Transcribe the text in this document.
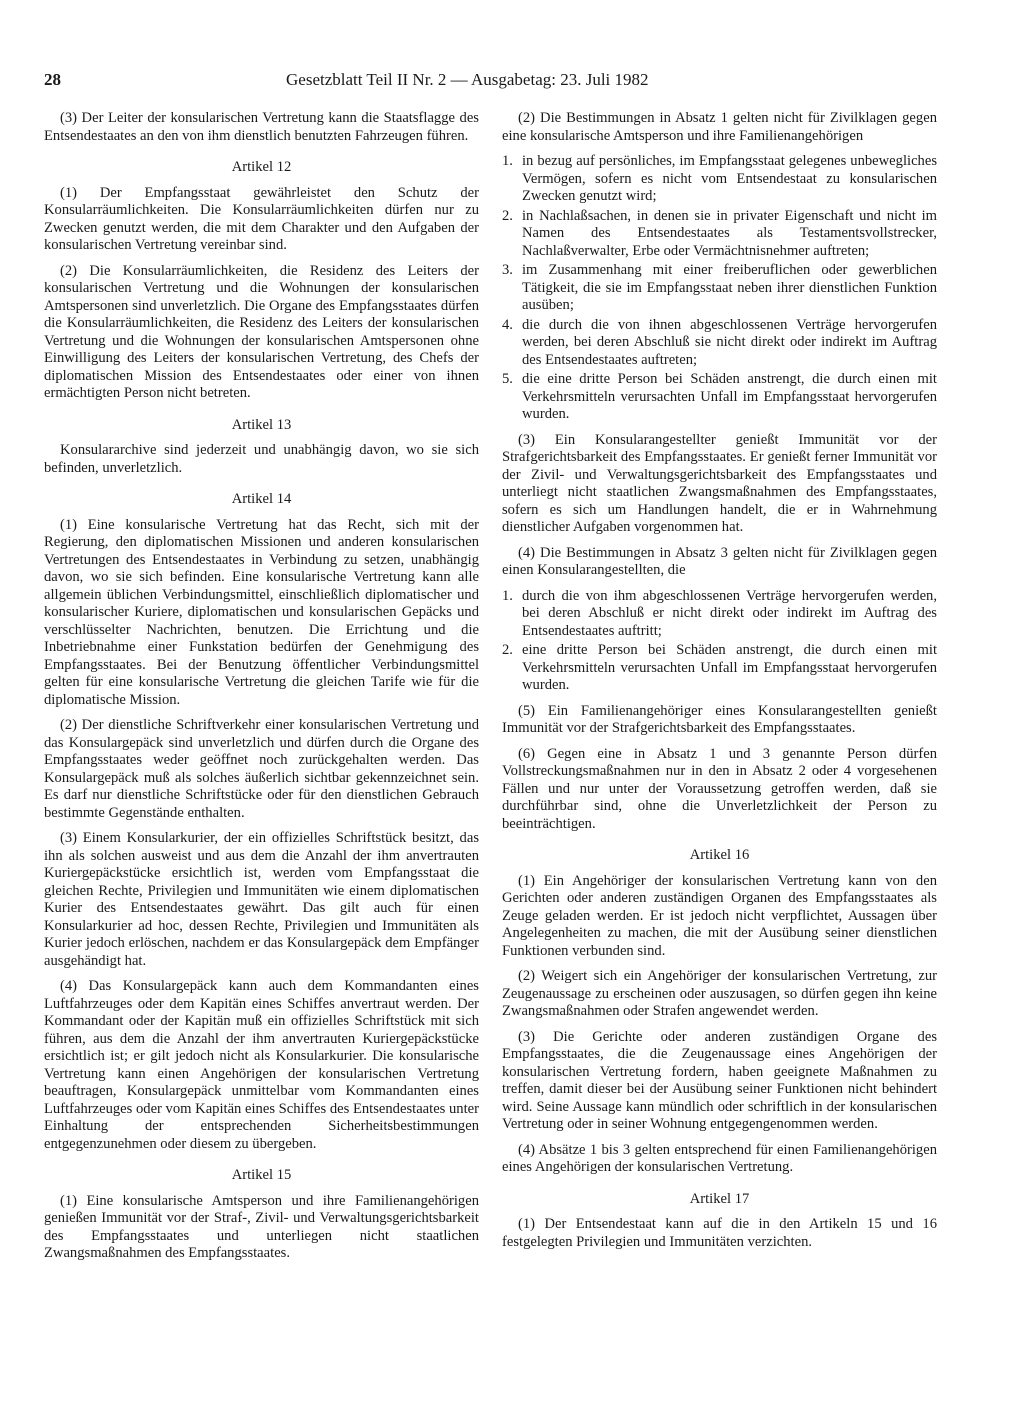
28	Gesetzblatt Teil II Nr. 2 — Ausgabetag: 23. Juli 1982

(3) Der Leiter der konsularischen Vertretung kann die Staatsflagge des Entsendestaates an den von ihm dienstlich benutzten Fahrzeugen führen.

Artikel 12

(1) Der Empfangsstaat gewährleistet den Schutz der Konsularräumlichkeiten. Die Konsularräumlichkeiten dürfen nur zu Zwecken genutzt werden, die mit dem Charakter und den Aufgaben der konsularischen Vertretung vereinbar sind.

(2) Die Konsularräumlichkeiten, die Residenz des Leiters der konsularischen Vertretung und die Wohnungen der konsularischen Amtspersonen sind unverletzlich. Die Organe des Empfangsstaates dürfen die Konsularräumlichkeiten, die Residenz des Leiters der konsularischen Vertretung und die Wohnungen der konsularischen Amtspersonen ohne Einwilligung des Leiters der konsularischen Vertretung, des Chefs der diplomatischen Mission des Entsendestaates oder einer von ihnen ermächtigten Person nicht betreten.

Artikel 13

Konsulararchive sind jederzeit und unabhängig davon, wo sie sich befinden, unverletzlich.

Artikel 14

(1) Eine konsularische Vertretung hat das Recht, sich mit der Regierung, den diplomatischen Missionen und anderen konsularischen Vertretungen des Entsendestaates in Verbindung zu setzen, unabhängig davon, wo sie sich befinden. Eine konsularische Vertretung kann alle allgemein üblichen Verbindungsmittel, einschließlich diplomatischer und konsularischer Kuriere, diplomatischen und konsularischen Gepäcks und verschlüsselter Nachrichten, benutzen. Die Errichtung und die Inbetriebnahme einer Funkstation bedürfen der Genehmigung des Empfangsstaates. Bei der Benutzung öffentlicher Verbindungsmittel gelten für eine konsularische Vertretung die gleichen Tarife wie für die diplomatische Mission.

(2) Der dienstliche Schriftverkehr einer konsularischen Vertretung und das Konsulargepäck sind unverletzlich und dürfen durch die Organe des Empfangsstaates weder geöffnet noch zurückgehalten werden. Das Konsulargepäck muß als solches äußerlich sichtbar gekennzeichnet sein. Es darf nur dienstliche Schriftstücke oder für den dienstlichen Gebrauch bestimmte Gegenstände enthalten.

(3) Einem Konsularkurier, der ein offizielles Schriftstück besitzt, das ihn als solchen ausweist und aus dem die Anzahl der ihm anvertrauten Kuriergepäckstücke ersichtlich ist, werden vom Empfangsstaat die gleichen Rechte, Privilegien und Immunitäten wie einem diplomatischen Kurier des Entsendestaates gewährt. Das gilt auch für einen Konsularkurier ad hoc, dessen Rechte, Privilegien und Immunitäten als Kurier jedoch erlöschen, nachdem er das Konsulargepäck dem Empfänger ausgehändigt hat.

(4) Das Konsulargepäck kann auch dem Kommandanten eines Luftfahrzeuges oder dem Kapitän eines Schiffes anvertraut werden. Der Kommandant oder der Kapitän muß ein offizielles Schriftstück mit sich führen, aus dem die Anzahl der ihm anvertrauten Kuriergepäckstücke ersichtlich ist; er gilt jedoch nicht als Konsularkurier. Die konsularische Vertretung kann einen Angehörigen der konsularischen Vertretung beauftragen, Konsulargepäck unmittelbar vom Kommandanten eines Luftfahrzeuges oder vom Kapitän eines Schiffes des Entsendestaates unter Einhaltung der entsprechenden Sicherheitsbestimmungen entgegenzunehmen oder diesem zu übergeben.

Artikel 15

(1) Eine konsularische Amtsperson und ihre Familienangehörigen genießen Immunität vor der Straf-, Zivil- und Verwaltungsgerichtsbarkeit des Empfangsstaates und unterliegen nicht staatlichen Zwangsmaßnahmen des Empfangsstaates.

(2) Die Bestimmungen in Absatz 1 gelten nicht für Zivilklagen gegen eine konsularische Amtsperson und ihre Familienangehörigen

1. in bezug auf persönliches, im Empfangsstaat gelegenes unbewegliches Vermögen, sofern es nicht vom Entsendestaat zu konsularischen Zwecken genutzt wird;
2. in Nachlaßsachen, in denen sie in privater Eigenschaft und nicht im Namen des Entsendestaates als Testamentsvollstrecker, Nachlaßverwalter, Erbe oder Vermächtnisnehmer auftreten;
3. im Zusammenhang mit einer freiberuflichen oder gewerblichen Tätigkeit, die sie im Empfangsstaat neben ihrer dienstlichen Funktion ausüben;
4. die durch die von ihnen abgeschlossenen Verträge hervorgerufen werden, bei deren Abschluß sie nicht direkt oder indirekt im Auftrag des Entsendestaates auftreten;
5. die eine dritte Person bei Schäden anstrengt, die durch einen mit Verkehrsmitteln verursachten Unfall im Empfangsstaat hervorgerufen wurden.

(3) Ein Konsularangestellter genießt Immunität vor der Strafgerichtsbarkeit des Empfangsstaates. Er genießt ferner Immunität vor der Zivil- und Verwaltungsgerichtsbarkeit des Empfangsstaates und unterliegt nicht staatlichen Zwangsmaßnahmen des Empfangsstaates, sofern es sich um Handlungen handelt, die er in Wahrnehmung dienstlicher Aufgaben vorgenommen hat.

(4) Die Bestimmungen in Absatz 3 gelten nicht für Zivilklagen gegen einen Konsularangestellten, die

1. durch die von ihm abgeschlossenen Verträge hervorgerufen werden, bei deren Abschluß er nicht direkt oder indirekt im Auftrag des Entsendestaates auftritt;
2. eine dritte Person bei Schäden anstrengt, die durch einen mit Verkehrsmitteln verursachten Unfall im Empfangsstaat hervorgerufen wurden.

(5) Ein Familienangehöriger eines Konsularangestellten genießt Immunität vor der Strafgerichtsbarkeit des Empfangsstaates.

(6) Gegen eine in Absatz 1 und 3 genannte Person dürfen Vollstreckungsmaßnahmen nur in den in Absatz 2 oder 4 vorgesehenen Fällen und nur unter der Voraussetzung getroffen werden, daß sie durchführbar sind, ohne die Unverletzlichkeit der Person zu beeinträchtigen.

Artikel 16

(1) Ein Angehöriger der konsularischen Vertretung kann von den Gerichten oder anderen zuständigen Organen des Empfangsstaates als Zeuge geladen werden. Er ist jedoch nicht verpflichtet, Aussagen über Angelegenheiten zu machen, die mit der Ausübung seiner dienstlichen Funktionen verbunden sind.

(2) Weigert sich ein Angehöriger der konsularischen Vertretung, zur Zeugenaussage zu erscheinen oder auszusagen, so dürfen gegen ihn keine Zwangsmaßnahmen oder Strafen angewendet werden.

(3) Die Gerichte oder anderen zuständigen Organe des Empfangsstaates, die die Zeugenaussage eines Angehörigen der konsularischen Vertretung fordern, haben geeignete Maßnahmen zu treffen, damit dieser bei der Ausübung seiner Funktionen nicht behindert wird. Seine Aussage kann mündlich oder schriftlich in der konsularischen Vertretung oder in seiner Wohnung entgegengenommen werden.

(4) Absätze 1 bis 3 gelten entsprechend für einen Familienangehörigen eines Angehörigen der konsularischen Vertretung.

Artikel 17

(1) Der Entsendestaat kann auf die in den Artikeln 15 und 16 festgelegten Privilegien und Immunitäten verzichten.
